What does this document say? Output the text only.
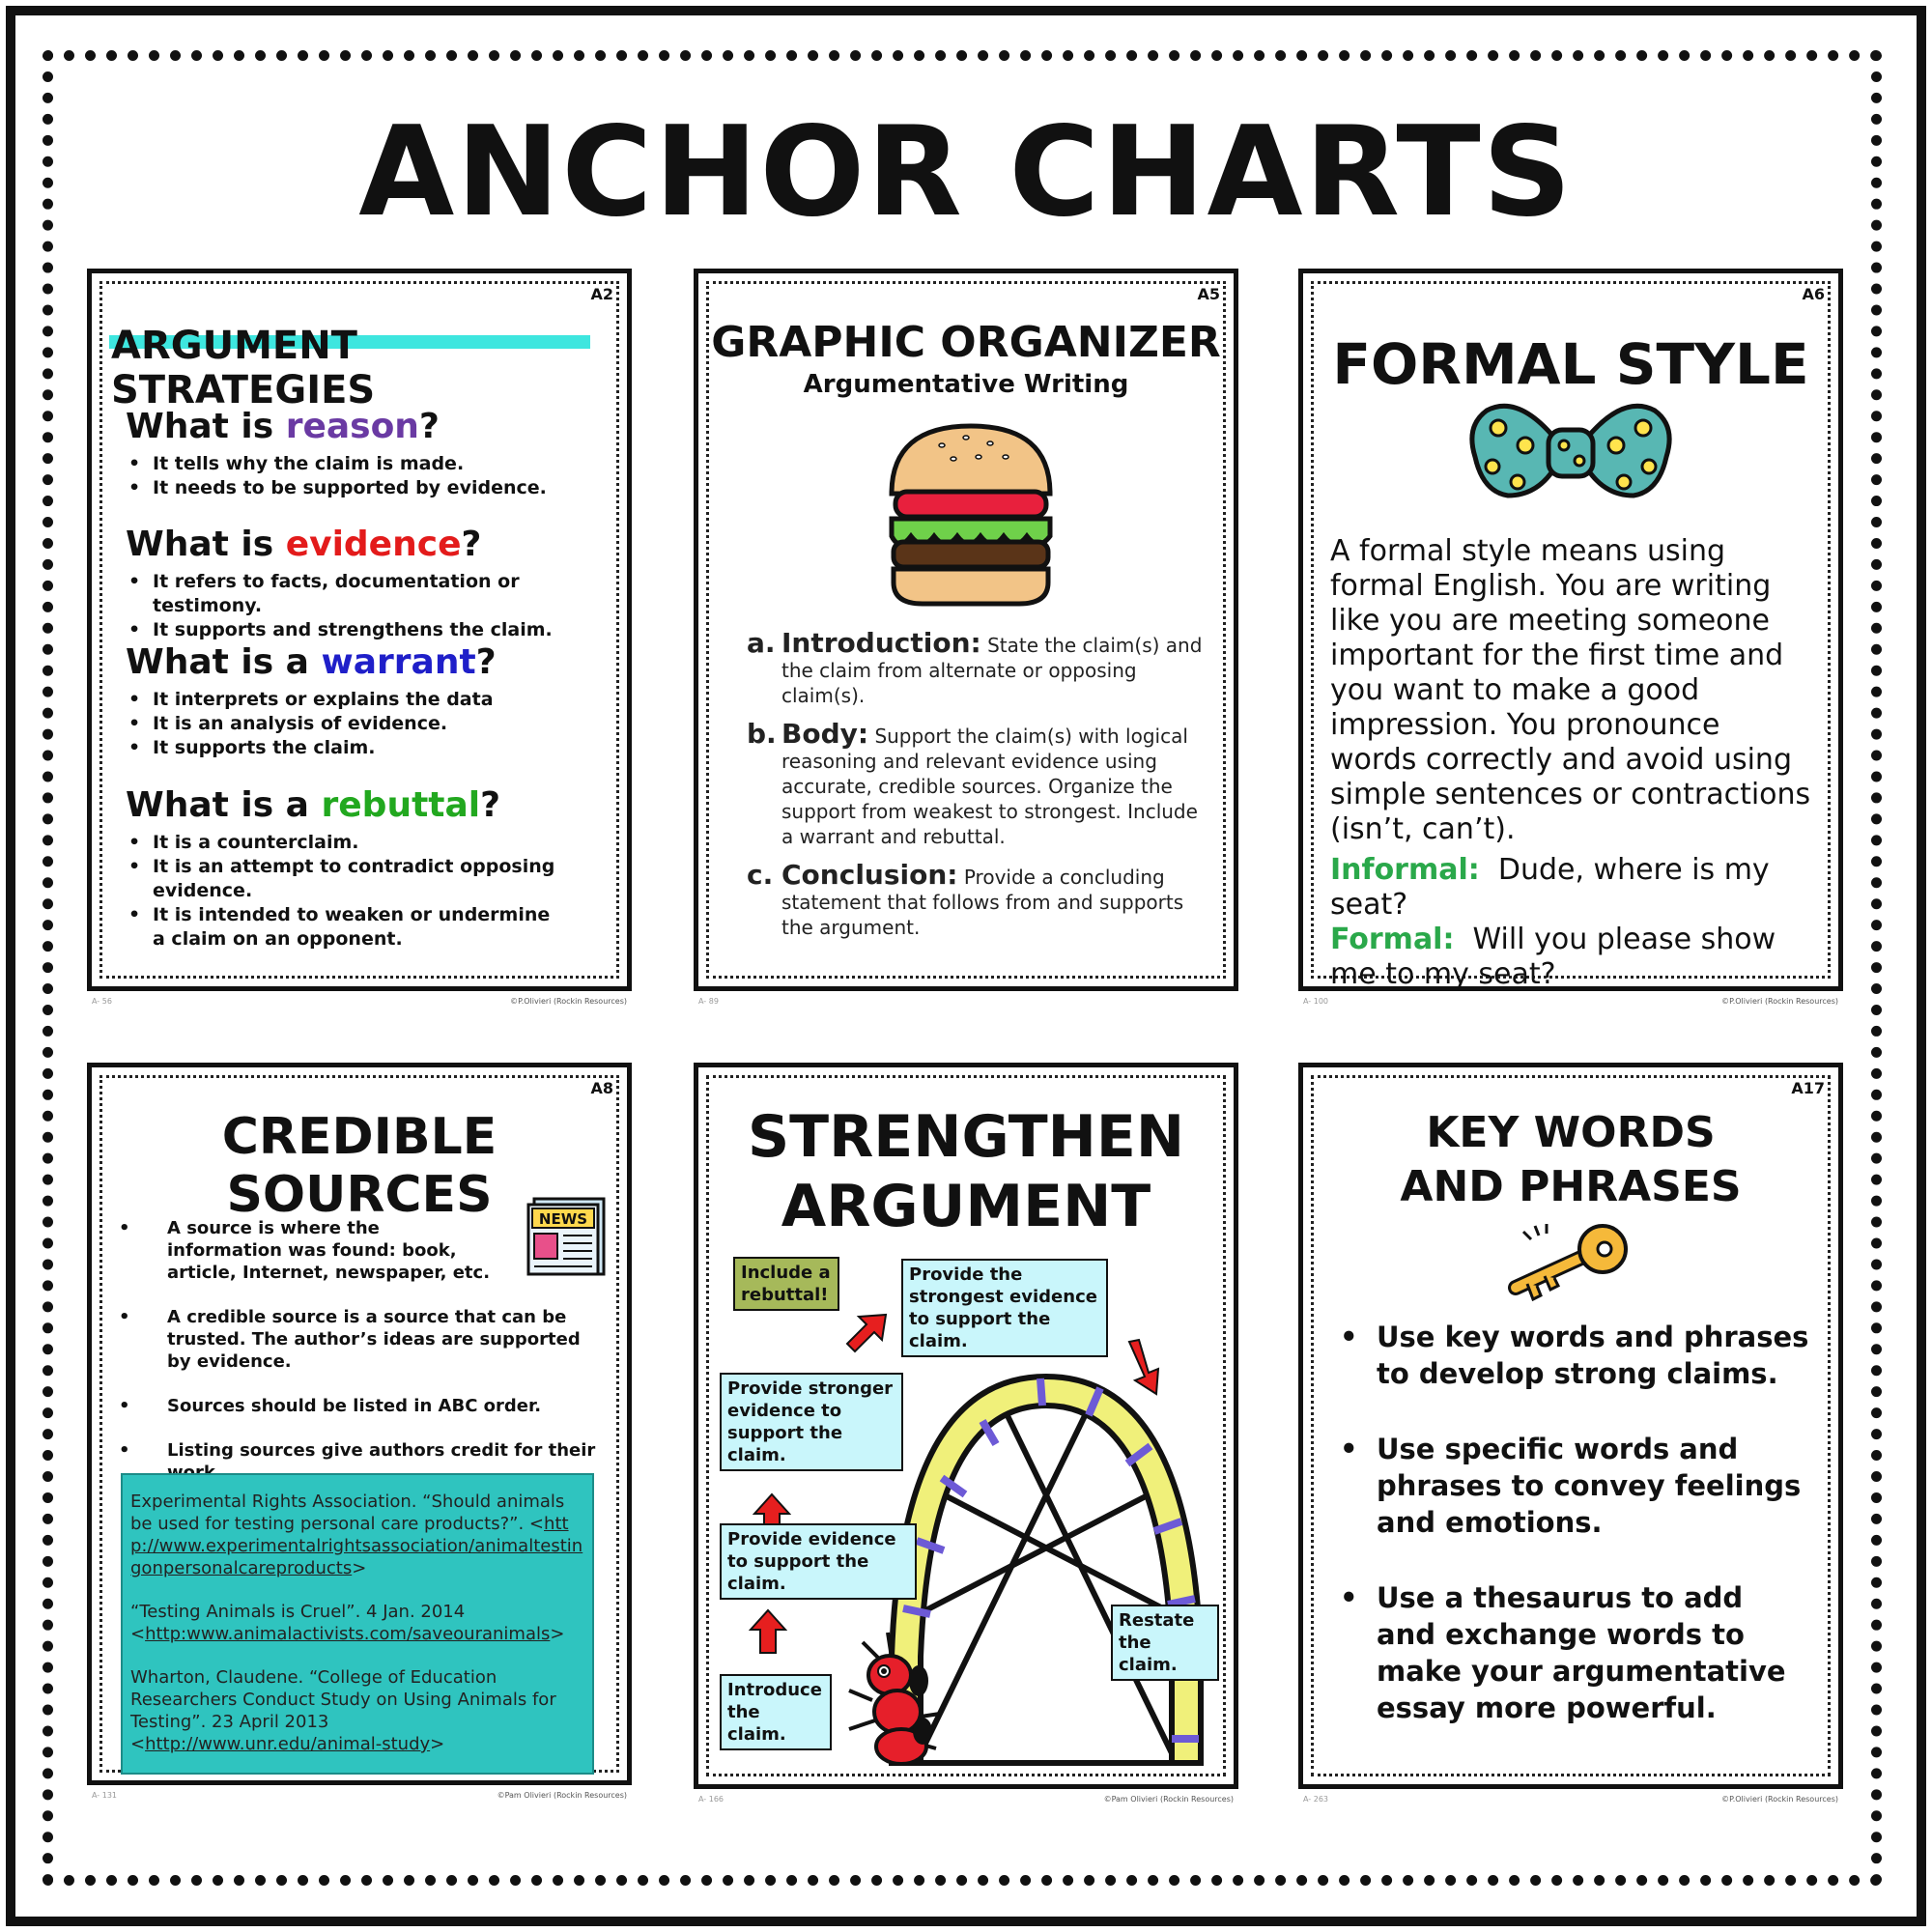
ANCHOR CHARTS
A2
ARGUMENT STRATEGIES
What is reason?
• It tells why the claim is made.
• It needs to be supported by evidence.
What is evidence?
• It refers to facts, documentation or testimony.
• It supports and strengthens the claim.
What is a warrant?
• It interprets or explains the data
• It is an analysis of evidence.
• It supports the claim.
What is a rebuttal?
• It is a counterclaim.
• It is an attempt to contradict opposing evidence.
• It is intended to weaken or undermine a claim on an opponent.
A- 56	©P.Olivieri (Rockin Resources)
A5
GRAPHIC ORGANIZER
Argumentative Writing
a. Introduction: State the claim(s) and the claim from alternate or opposing claim(s).
b. Body: Support the claim(s) with logical reasoning and relevant evidence using accurate, credible sources. Organize the support from weakest to strongest. Include a warrant and rebuttal.
c. Conclusion: Provide a concluding statement that follows from and supports the argument.
A- 89
A6
FORMAL STYLE
A formal style means using formal English. You are writing like you are meeting someone important for the first time and you want to make a good impression. You pronounce words correctly and avoid using simple sentences or contractions (isn’t, can’t).
Informal: Dude, where is my seat?
Formal: Will you please show me to my seat?
A- 100	©P.Olivieri (Rockin Resources)
A8
CREDIBLE SOURCES	NEWS
• A source is where the information was found: book, article, Internet, newspaper, etc.
• A credible source is a source that can be trusted. The author’s ideas are supported by evidence.
• Sources should be listed in ABC order.
• Listing sources give authors credit for their

Experimental Rights Association. “Should animals be used for testing personal care products?”. <http://www.experimentalrightsassociation/animaltestingonpersonalcareproducts>

“Testing Animals is Cruel”. 4 Jan. 2014 <http:www.animalactivists.com/saveouranimals>

Wharton, Claudene. “College of Education Researchers Conduct Study on Using Animals for Testing”. 23 April 2013 <http://www.unr.edu/animal-study>

A- 131	©Pam Olivieri (Rockin Resources)
STRENGTHEN
ARGUMENT
Include a rebuttal!
Provide the strongest evidence to support the claim.
Provide stronger evidence to support the claim.
Provide evidence to support the claim.
Introduce the claim.
Restate the claim.
A- 166	©Pam Olivieri (Rockin Resources)
A17
KEY WORDS
AND PHRASES
• Use key words and phrases to develop strong claims.
• Use specific words and phrases to convey feelings and emotions.
• Use a thesaurus to add and exchange words to make your argumentative essay more powerful.
A- 263	©P.Olivieri (Rockin Resources)
